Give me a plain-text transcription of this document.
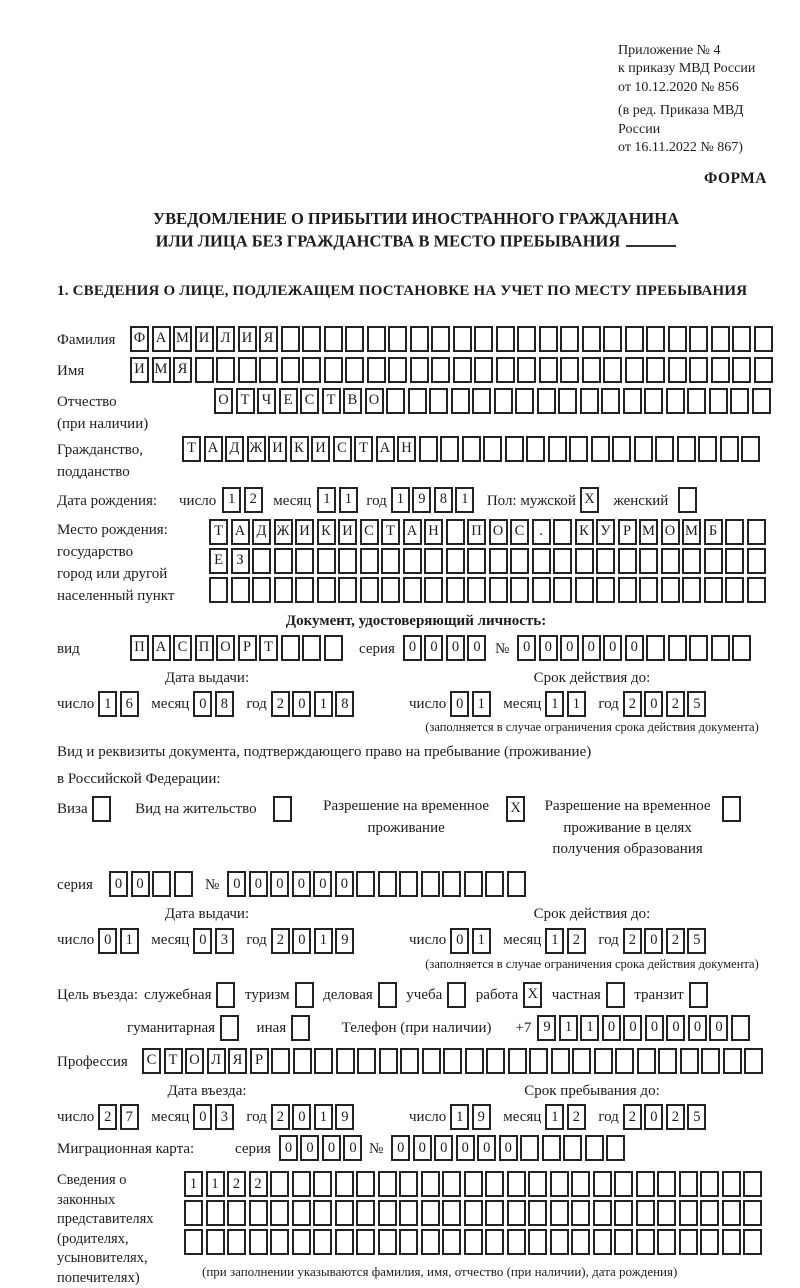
Приложение № 4
к приказу МВД России
от 10.12.2020 № 856
(в ред. Приказа МВД России
от 16.11.2022 № 867)
ФОРМА
УВЕДОМЛЕНИЕ О ПРИБЫТИИ ИНОСТРАННОГО ГРАЖДАНИНА
ИЛИ ЛИЦА БЕЗ ГРАЖДАНСТВА В МЕСТО ПРЕБЫВАНИЯ
1. СВЕДЕНИЯ О ЛИЦЕ, ПОДЛЕЖАЩЕМ ПОСТАНОВКЕ НА УЧЕТ ПО МЕСТУ ПРЕБЫВАНИЯ
Фамилия	Ф А М И Л И Я
Имя	И М Я
Отчество
(при наличии)
О Т Ч Е С Т В О
Гражданство,
подданство
Т А Д Ж И К И С Т А Н
Дата рождения:	число 1 2	месяц 1 1 год 1 9 8 1	Пол: мужской X женский
Место рождения:
государство
город или другой
населенный пункт
Т А Д Ж И К И С Т А Н П О С	.	К У Р М О М Б
Е З
Документ, удостоверяющий личность:
вид	П А С П О Р Т	серия 0 0 0 0 № 0 0 0 0 0 0
Дата выдачи:
число 1 6	месяц 0 8	год 2 0 1 8
Срок действия до:
число 0 1	месяц 1 1	год 2 0 2 5
(заполняется в случае ограничения срока действия документа)
Вид и реквизиты документа, подтверждающего право на пребывание (проживание)
в Российской Федерации:
Виза	Вид на жительство	Разрешение на временное проживание
X Разрешение на временное проживание в целях получения образования
серия	0 0	№ 0 0 0 0 0 0
Дата выдачи:
число 0 1	месяц 0 3	год 2 0 1 9
Срок действия до:
число 0 1	месяц 1 2	год 2 0 2 5
(заполняется в случае ограничения срока действия документа)
Цель въезда: служебная туризм деловая учеба работа X частная транзит
гуманитарная	иная	Телефон (при наличии) +7 9 1 1 0 0 0 0 0 0
Профессия	С Т О Л Я Р
Дата въезда:
число 2 7	месяц 0 3	год 2 0 1 9
Срок пребывания до:
число 1 9	месяц 1 2	год 2 0 2 5
Миграционная карта:	серия 0 0 0 0 № 0 0 0 0 0 0
Сведения о
законных
представителях
(родителях,
усыновителях,
попечителях)
1 1 2 2
(при заполнении указываются фамилия, имя, отчество (при наличии), дата рождения)
